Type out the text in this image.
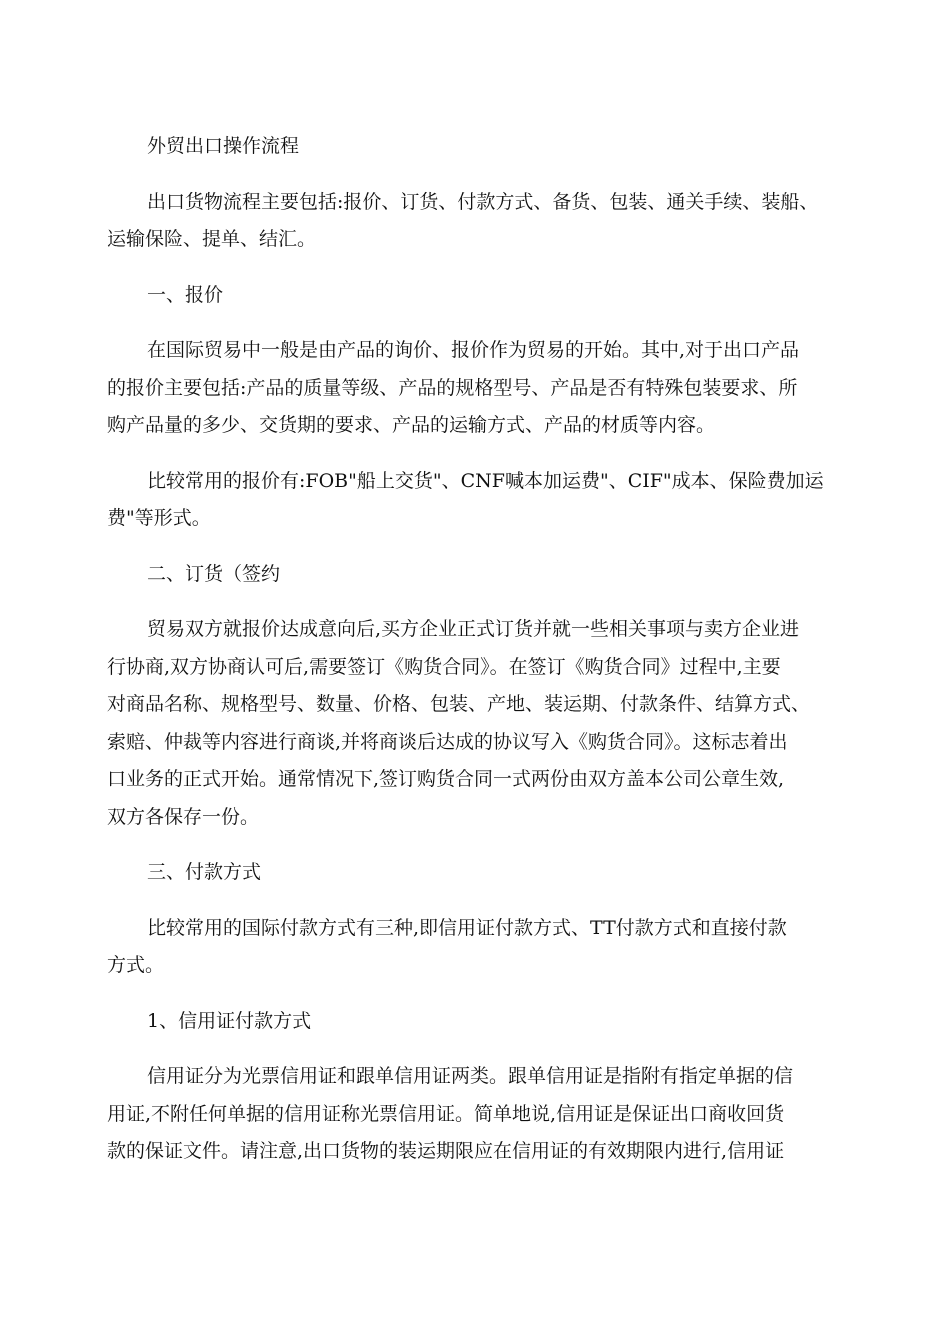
外贸出口操作流程
出口货物流程主要包括:报价、订货、付款方式、备货、包装、通关手续、装船、
运输保险、提单、结汇。
一、报价
在国际贸易中一般是由产品的询价、报价作为贸易的开始。其中,对于出口产品
的报价主要包括:产品的质量等级、产品的规格型号、产品是否有特殊包装要求、所
购产品量的多少、交货期的要求、产品的运输方式、产品的材质等内容。
比较常用的报价有:FOB"船上交货"、CNF喊本加运费"、CIF"成本、保险费加运
费"等形式。
二、订货（签约
贸易双方就报价达成意向后,买方企业正式订货并就一些相关事项与卖方企业进
行协商,双方协商认可后,需要签订《购货合同》。在签订《购货合同》过程中,主要
对商品名称、规格型号、数量、价格、包装、产地、装运期、付款条件、结算方式、
索赔、仲裁等内容进行商谈,并将商谈后达成的协议写入《购货合同》。这标志着出
口业务的正式开始。通常情况下,签订购货合同一式两份由双方盖本公司公章生效,
双方各保存一份。
三、付款方式
比较常用的国际付款方式有三种,即信用证付款方式、TT付款方式和直接付款
方式。
1、信用证付款方式
信用证分为光票信用证和跟单信用证两类。跟单信用证是指附有指定单据的信
用证,不附任何单据的信用证称光票信用证。简单地说,信用证是保证出口商收回货
款的保证文件。请注意,出口货物的装运期限应在信用证的有效期限内进行,信用证
